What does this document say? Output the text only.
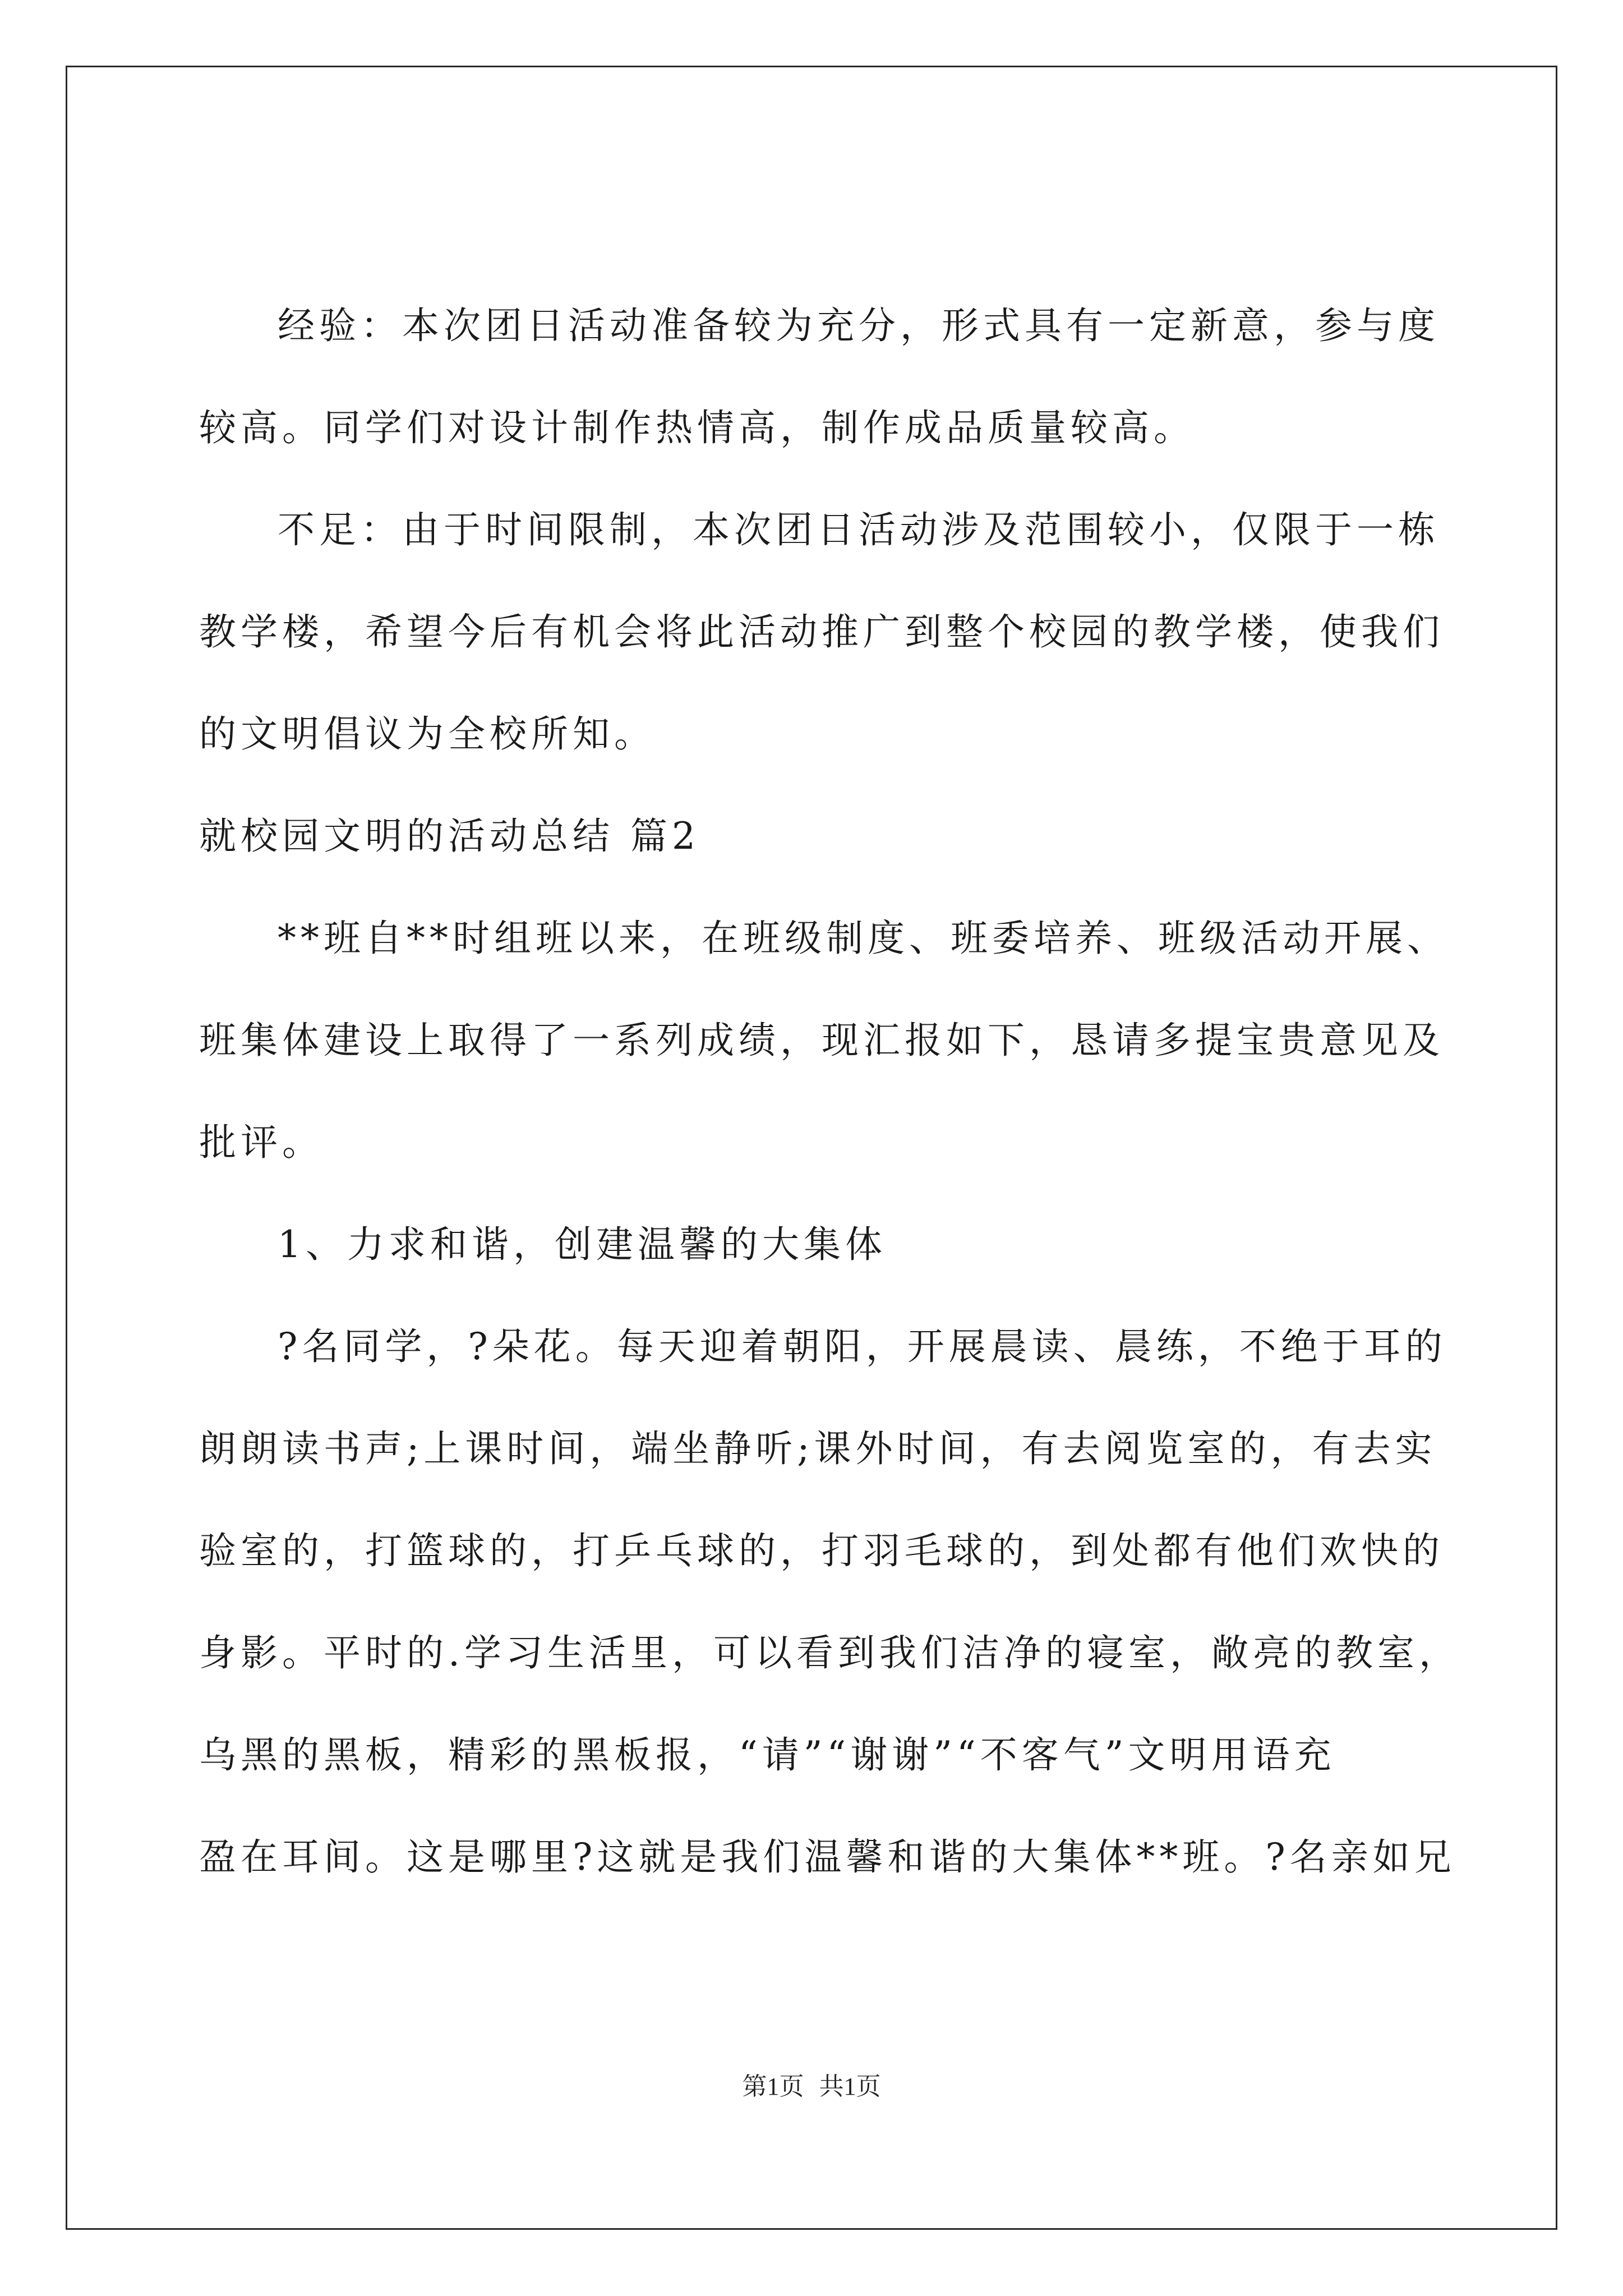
经验：本次团日活动准备较为充分，形式具有一定新意，参与度
较高。同学们对设计制作热情高，制作成品质量较高。
不足：由于时间限制，本次团日活动涉及范围较小，仅限于一栋
教学楼，希望今后有机会将此活动推广到整个校园的教学楼，使我们
的文明倡议为全校所知。
就校园文明的活动总结 篇2
**班自**时组班以来，在班级制度、班委培养、班级活动开展、
班集体建设上取得了一系列成绩，现汇报如下，恳请多提宝贵意见及
批评。
1、力求和谐，创建温馨的大集体
?名同学，?朵花。每天迎着朝阳，开展晨读、晨练，不绝于耳的
朗朗读书声;上课时间，端坐静听;课外时间，有去阅览室的，有去实
验室的，打篮球的，打乒乓球的，打羽毛球的，到处都有他们欢快的
身影。平时的.学习生活里，可以看到我们洁净的寝室，敞亮的教室，
乌黑的黑板，精彩的黑板报，“请”“谢谢”“不客气”文明用语充
盈在耳间。这是哪里?这就是我们温馨和谐的大集体**班。?名亲如兄
第1页 共1页
